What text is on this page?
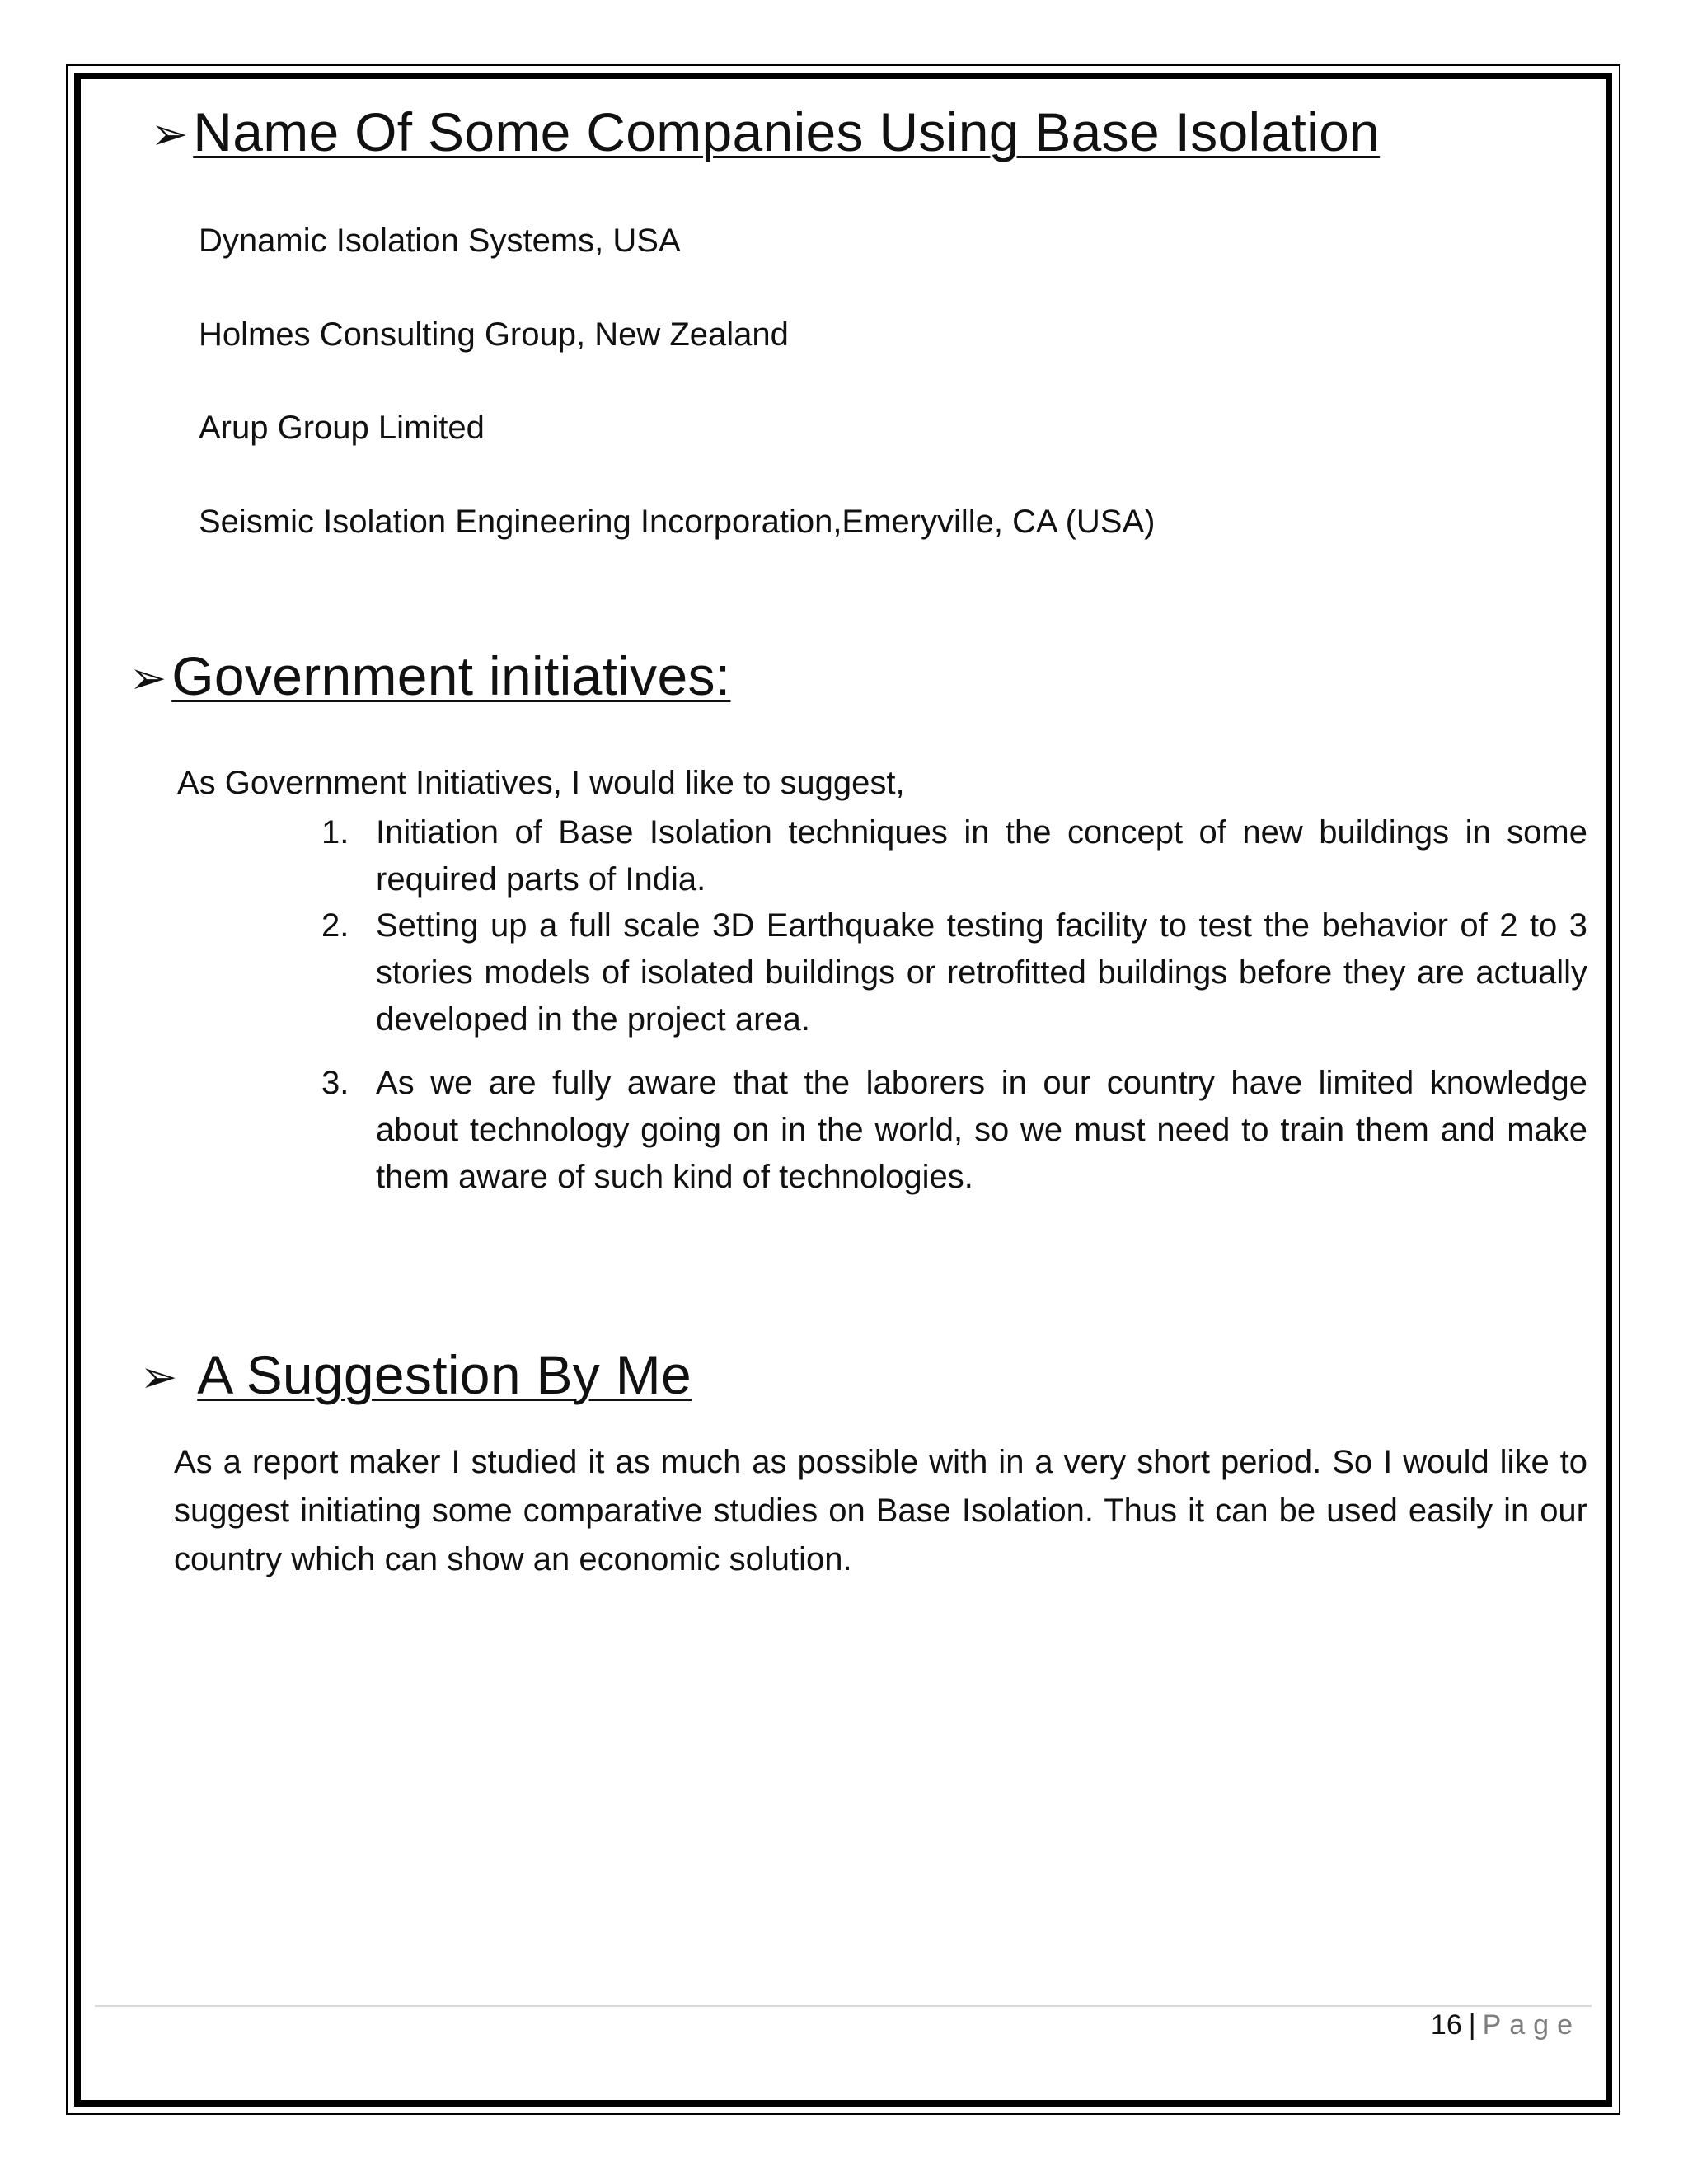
➢ Name Of Some Companies Using Base Isolation
Dynamic Isolation Systems, USA
Holmes Consulting Group, New Zealand
Arup Group Limited
Seismic Isolation Engineering Incorporation,Emeryville, CA (USA)
➢ Government initiatives:
As Government Initiatives, I would like to suggest,
1. Initiation of Base Isolation techniques in the concept of new buildings in some required parts of India.
2. Setting up a full scale 3D Earthquake testing facility to test the behavior of 2 to 3 stories models of isolated buildings or retrofitted buildings before they are actually developed in the project area.
3. As we are fully aware that the laborers in our country have limited knowledge about technology going on in the world, so we must need to train them and make them aware of such kind of technologies.
➢ A Suggestion By Me
As a report maker I studied it as much as possible with in a very short period. So I would like to suggest initiating some comparative studies on Base Isolation. Thus it can be used easily in our country which can show an economic solution.
16 | Page
